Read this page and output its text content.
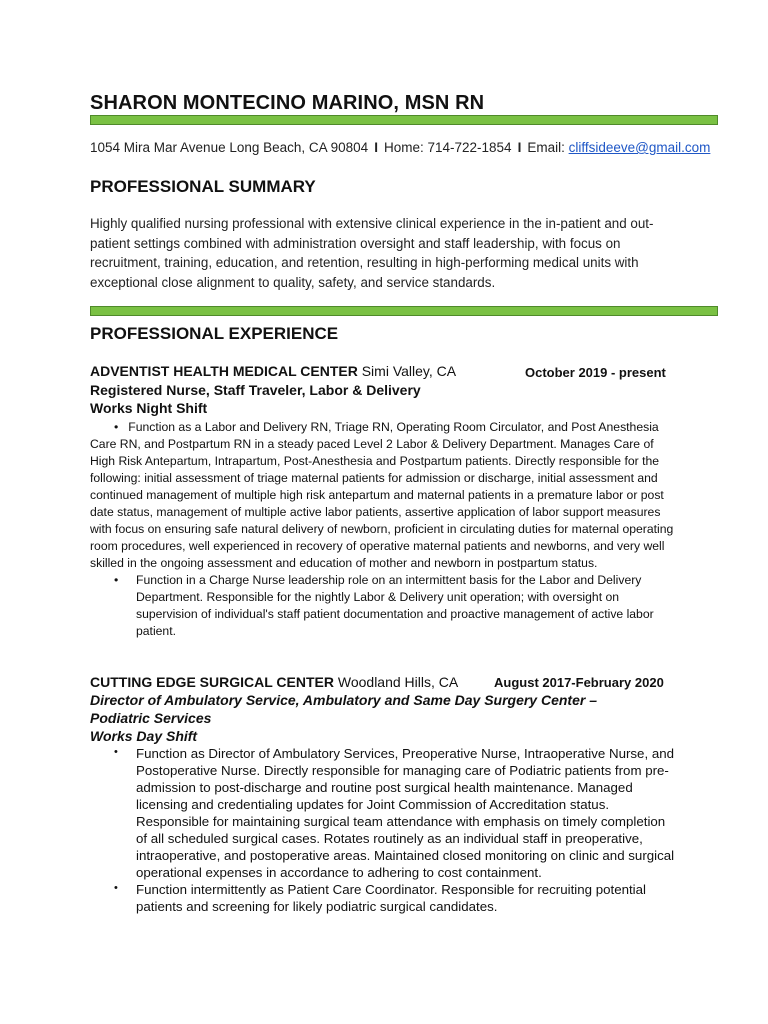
SHARON MONTECINO MARINO, MSN RN
1054 Mira Mar Avenue Long Beach, CA 90804 I Home: 714-722-1854 I Email: cliffsideeve@gmail.com
PROFESSIONAL SUMMARY
Highly qualified nursing professional with extensive clinical experience in the in-patient and out-patient settings combined with administration oversight and staff leadership, with focus on recruitment, training, education, and retention, resulting in high-performing medical units with exceptional close alignment to quality, safety, and service standards.
PROFESSIONAL EXPERIENCE
ADVENTIST HEALTH MEDICAL CENTER Simi Valley, CA	October 2019 - present
Registered Nurse, Staff Traveler, Labor & Delivery
Works Night Shift
• Function as a Labor and Delivery RN, Triage RN, Operating Room Circulator, and Post Anesthesia Care RN, and Postpartum RN in a steady paced Level 2 Labor & Delivery Department. Manages Care of High Risk Antepartum, Intrapartum, Post-Anesthesia and Postpartum patients. Directly responsible for the following: initial assessment of triage maternal patients for admission or discharge, initial assessment and continued management of multiple high risk antepartum and maternal patients in a premature labor or post date status, management of multiple active labor patients, assertive application of labor support measures with focus on ensuring safe natural delivery of newborn, proficient in circulating duties for maternal operating room procedures, well experienced in recovery of operative maternal patients and newborns, and very well skilled in the ongoing assessment and education of mother and newborn in postpartum status.
• Function in a Charge Nurse leadership role on an intermittent basis for the Labor and Delivery Department. Responsible for the nightly Labor & Delivery unit operation; with oversight on supervision of individual's staff patient documentation and proactive management of active labor patient.
CUTTING EDGE SURGICAL CENTER Woodland Hills, CA	August 2017-February 2020
Director of Ambulatory Service, Ambulatory and Same Day Surgery Center –
Podiatric Services
Works Day Shift
• Function as Director of Ambulatory Services, Preoperative Nurse, Intraoperative Nurse, and Postoperative Nurse. Directly responsible for managing care of Podiatric patients from pre-admission to post-discharge and routine post surgical health maintenance. Managed licensing and credentialing updates for Joint Commission of Accreditation status. Responsible for maintaining surgical team attendance with emphasis on timely completion of all scheduled surgical cases. Rotates routinely as an individual staff in preoperative, intraoperative, and postoperative areas. Maintained closed monitoring on clinic and surgical operational expenses in accordance to adhering to cost containment.
• Function intermittently as Patient Care Coordinator. Responsible for recruiting potential patients and screening for likely podiatric surgical candidates.
